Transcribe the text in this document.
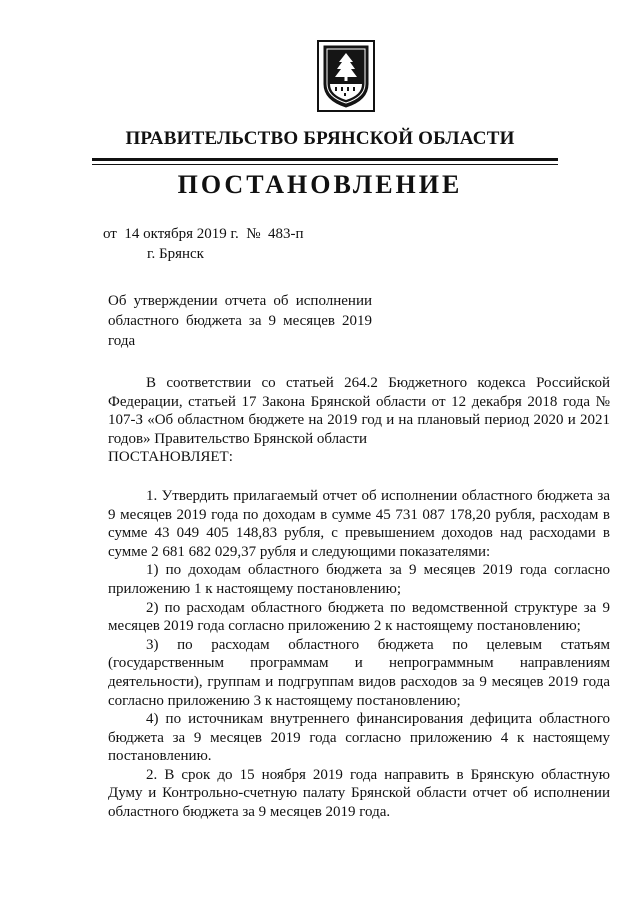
ПРАВИТЕЛЬСТВО БРЯНСКОЙ ОБЛАСТИ
ПОСТАНОВЛЕНИЕ
от  14 октября 2019 г.  №  483-п
г. Брянск
Об утверждении отчета об исполнении областного бюджета за 9 месяцев 2019 года

В соответствии со статьей 264.2 Бюджетного кодекса Российской Федерации, статьей 17 Закона Брянской области от 12 декабря 2018 года № 107-З «Об областном бюджете на 2019 год и на плановый период 2020 и 2021 годов» Правительство Брянской области

ПОСТАНОВЛЯЕТ:

1. Утвердить прилагаемый отчет об исполнении областного бюджета за 9 месяцев 2019 года по доходам в сумме 45 731 087 178,20 рубля, расходам в сумме 43 049 405 148,83 рубля, с превышением доходов над расходами в сумме 2 681 682 029,37 рубля и следующими показателями:

1) по доходам областного бюджета за 9 месяцев 2019 года согласно приложению 1 к настоящему постановлению;

2) по расходам областного бюджета по ведомственной структуре за 9 месяцев 2019 года согласно приложению 2 к настоящему постановлению;

3) по расходам областного бюджета по целевым статьям (государственным программам и непрограммным направлениям деятельности), группам и подгруппам видов расходов за 9 месяцев 2019 года согласно приложению 3 к настоящему постановлению;

4) по источникам внутреннего финансирования дефицита областного бюджета за 9 месяцев 2019 года согласно приложению 4 к настоящему постановлению.

2. В срок до 15 ноября 2019 года направить в Брянскую областную Думу и Контрольно-счетную палату Брянской области отчет об исполнении областного бюджета за 9 месяцев 2019 года.
